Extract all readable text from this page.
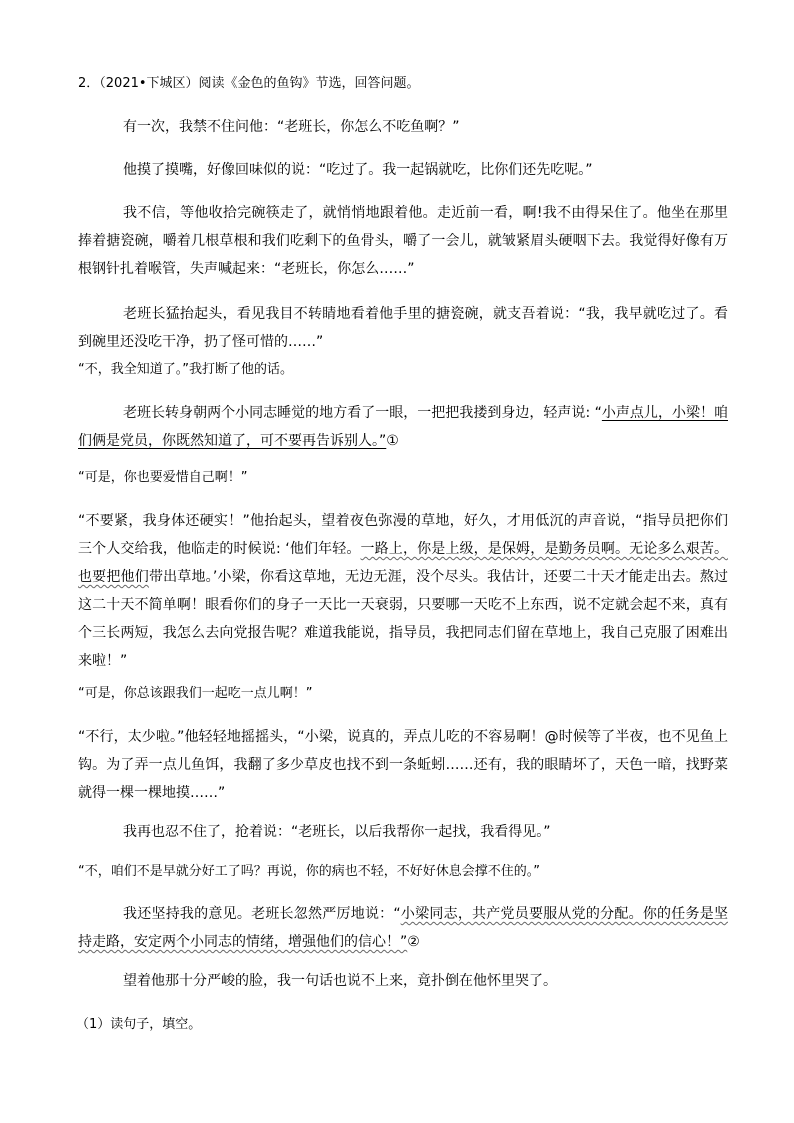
2．（2021•下城区）阅读《金色的鱼钩》节选，回答问题。

有一次，我禁不住问他：“老班长，你怎么不吃鱼啊？”

他摸了摸嘴，好像回味似的说：“吃过了。我一起锅就吃，比你们还先吃呢。”

我不信，等他收拾完碗筷走了，就悄悄地跟着他。走近前一看，啊!我不由得呆住了。他坐在那里捧着搪瓷碗，嚼着几根草根和我们吃剩下的鱼骨头，嚼了一会儿，就皱紧眉头硬咽下去。我觉得好像有万根钢针扎着喉管，失声喊起来：“老班长，你怎么……”

老班长猛抬起头，看见我目不转睛地看着他手里的搪瓷碗，就支吾着说：“我，我早就吃过了。看到碗里还没吃干净，扔了怪可惜的……”

“不，我全知道了。”我打断了他的话。

老班长转身朝两个小同志睡觉的地方看了一眼，一把把我搂到身边，轻声说: “小声点儿，小梁！咱们俩是党员，你既然知道了，可不要再告诉别人。”①

“可是，你也要爱惜自己啊！”

“不要紧，我身体还硬实！”他抬起头，望着夜色弥漫的草地，好久，才用低沉的声音说，“指导员把你们三个人交给我，他临走的时候说: ‘他们年轻。一路上，你是上级，是保姆，是勤务员啊。无论多么艰苦。也要把他们带出草地。’小梁，你看这草地，无边无涯，没个尽头。我估计，还要二十天才能走出去。熬过这二十天不简单啊！眼看你们的身子一天比一天衰弱，只要哪一天吃不上东西，说不定就会起不来，真有个三长两短，我怎么去向党报告呢？难道我能说，指导员，我把同志们留在草地上，我自己克服了困难出来啦！”

“可是，你总该跟我们一起吃一点儿啊！”

“不行，太少啦。”他轻轻地摇摇头，“小梁，说真的，弄点儿吃的不容易啊！@时候等了半夜，也不见鱼上钩。为了弄一点儿鱼饵，我翻了多少草皮也找不到一条蚯蚓……还有，我的眼睛坏了，天色一暗，找野菜就得一棵一棵地摸……”

我再也忍不住了，抢着说：“老班长，以后我帮你一起找，我看得见。”

“不，咱们不是早就分好工了吗？再说，你的病也不轻，不好好休息会撑不住的。”

我还坚持我的意见。老班长忽然严厉地说：“小梁同志，共产党员要服从党的分配。你的任务是坚持走路，安定两个小同志的情绪，增强他们的信心！”②

望着他那十分严峻的脸，我一句话也说不上来，竟扑倒在他怀里哭了。

（1）读句子，填空。
